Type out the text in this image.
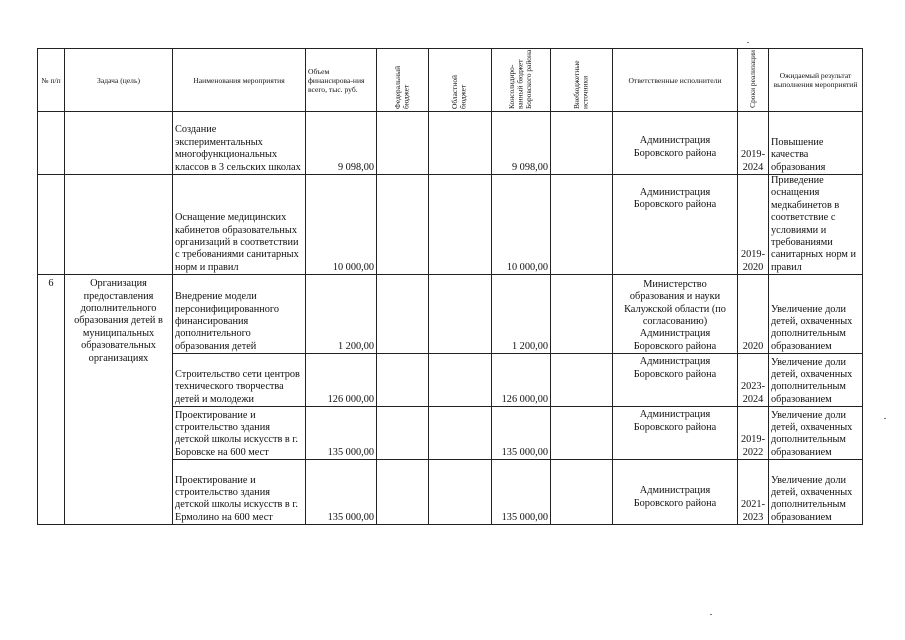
№ п/п	Задача (цель)	Наименования мероприятия	Объем финансирова-ния всего, тыс. руб.	Федеральный бюджет	Областной бюджет	Консолидиро-ванный бюджет Боровского района	Внебюджетные источники	Ответственные исполнители	Сроки реализации	Ожидаемый результат выполнения мероприятий
		Создание экспериментальных многофункциональных классов в 3 сельских школах	9 098,00			9 098,00		Администрация Боровского района	2019-2024	Повышение качества образования
		Оснащение медицинских кабинетов образовательных организаций в соответствии с требованиями санитарных норм и правил	10 000,00			10 000,00		Администрация Боровского района	2019-2020	Приведение оснащения медкабинетов в соответствие с условиями и требованиями санитарных норм и правил
6	Организация предоставления дополнительного образования детей в муниципальных образовательных организациях	Внедрение модели персонифицированного финансирования дополнительного образования детей	1 200,00			1 200,00		Министерство образования и науки Калужской области (по согласованию) Администрация Боровского района	2020	Увеличение доли детей, охваченных дополнительным образованием
		Строительство сети центров технического творчества детей и молодежи	126 000,00			126 000,00		Администрация Боровского района	2023-2024	Увеличение доли детей, охваченных дополнительным образованием
		Проектирование и строительство здания детской школы искусств в г. Боровске на 600 мест	135 000,00			135 000,00		Администрация Боровского района	2019-2022	Увеличение доли детей, охваченных дополнительным образованием
		Проектирование и строительство здания детской школы искусств в г. Ермолино на 600 мест	135 000,00			135 000,00		Администрация Боровского района	2021-2023	Увеличение доли детей, охваченных дополнительным образованием
